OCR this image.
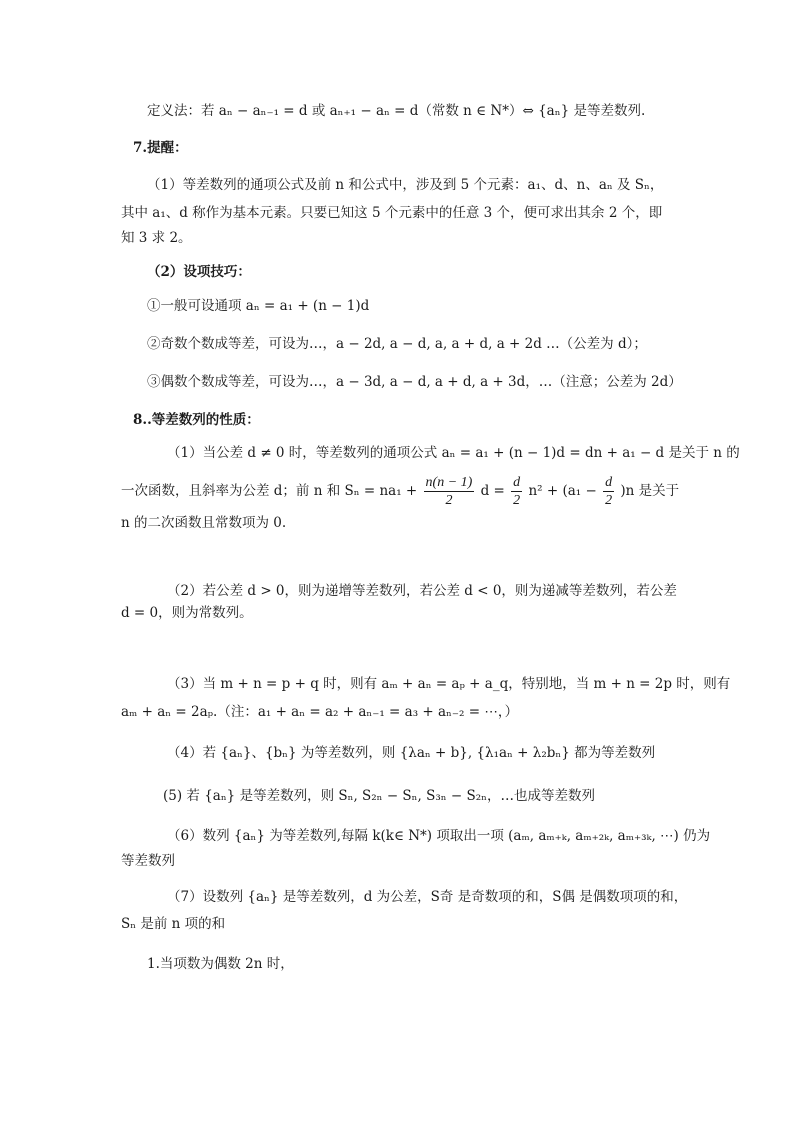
定义法：若 aₙ − aₙ₋₁ = d 或 aₙ₊₁ − aₙ = d（常数 n ∈ N*）⇔ {aₙ} 是等差数列.
7.提醒：
（1）等差数列的通项公式及前 n 和公式中，涉及到 5 个元素：a₁、d、n、aₙ 及 Sₙ，
其中 a₁、d 称作为基本元素。只要已知这 5 个元素中的任意 3 个，便可求出其余 2 个，即
知 3 求 2。
（2）设项技巧：
①一般可设通项 aₙ = a₁ + (n − 1)d
②奇数个数成等差，可设为…，a − 2d, a − d, a, a + d, a + 2d …（公差为 d）；
③偶数个数成等差，可设为…，a − 3d, a − d, a + d, a + 3d，…（注意；公差为 2d）
8..等差数列的性质：
（1）当公差 d ≠ 0 时，等差数列的通项公式 aₙ = a₁ + (n − 1)d = dn + a₁ − d 是关于 n 的
一次函数，且斜率为公差 d；前 n 和 $S_n = na_1 + \frac{n(n - 1)}{2}$ $d = \frac{d}{2} n^2 + (a_1 - \frac{d}{2} )n$ 是关于
n 的二次函数且常数项为 0.
（2）若公差 d > 0，则为递增等差数列，若公差 d < 0，则为递减等差数列，若公差
d = 0，则为常数列。
（3）当 m + n = p + q 时，则有 aₘ + aₙ = aₚ + a_q，特别地，当 m + n = 2p 时，则有
aₘ + aₙ = 2aₚ.（注：a₁ + aₙ = a₂ + aₙ₋₁ = a₃ + aₙ₋₂ = ⋯，）
（4）若 {aₙ}、{bₙ} 为等差数列，则 {λaₙ + b}, {λ₁aₙ + λ₂bₙ} 都为等差数列
(5) 若 {aₙ} 是等差数列，则 Sₙ, S₂ₙ − Sₙ, S₃ₙ − S₂ₙ，…也成等差数列
（6）数列 {aₙ} 为等差数列,每隔 k(k∈ N*) 项取出一项 (aₘ, aₘ₊ₖ, aₘ₊₂ₖ, aₘ₊₃ₖ, ⋯) 仍为
等差数列
（7）设数列 {aₙ} 是等差数列，d 为公差，S奇 是奇数项的和，S偶 是偶数项项的和，
Sₙ 是前 n 项的和
1.当项数为偶数 2n 时，
